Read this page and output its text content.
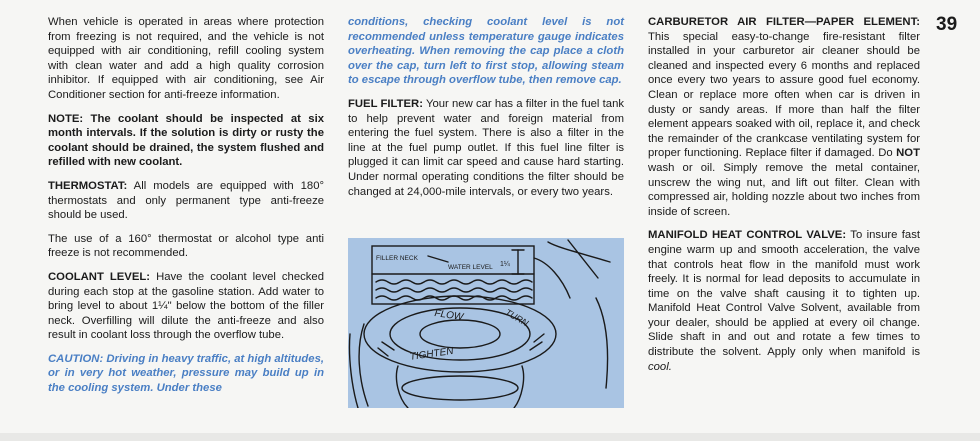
When vehicle is operated in areas where protection from freezing is not required, and the vehicle is not equipped with air conditioning, refill cooling system with clean water and add a high quality corrosion inhibitor. If equipped with air conditioning, see Air Conditioner section for anti-freeze information.

NOTE: The coolant should be inspected at six month intervals. If the solution is dirty or rusty the coolant should be drained, the system flushed and refilled with new coolant.

THERMOSTAT: All models are equipped with 180° thermostats and only permanent type anti-freeze should be used.

The use of a 160° thermostat or alcohol type anti freeze is not recommended.

COOLANT LEVEL: Have the coolant level checked during each stop at the gasoline station. Add water to bring level to about 1¼" below the bottom of the filler neck. Overfilling will dilute the anti-freeze and also result in coolant loss through the overflow tube.

CAUTION: Driving in heavy traffic, at high altitudes, or in very hot weather, pressure may build up in the cooling system. Under these

conditions, checking coolant level is not recommended unless temperature gauge indicates overheating. When removing the cap place a cloth over the cap, turn left to first stop, allowing steam to escape through overflow tube, then remove cap.

FUEL FILTER: Your new car has a filter in the fuel tank to help prevent water and foreign material from entering the fuel system. There is also a filter in the line at the fuel pump outlet. If this fuel line filter is plugged it can limit car speed and cause hard starting. Under normal operating conditions the filter should be changed at 24,000-mile intervals, or every two years.

FILLER NECK
WATER LEVEL 1¼
FLOW	TURN
TIGHTEN

CARBURETOR AIR FILTER—PAPER ELEMENT: This special easy-to-change fire-resistant filter installed in your carburetor air cleaner should be cleaned and inspected every 6 months and replaced once every two years to assure good fuel economy. Clean or replace more often when car is driven in dusty or sandy areas. If more than half the filter element appears soaked with oil, replace it, and check the remainder of the crankcase ventilating system for proper functioning. Replace filter if damaged. Do NOT wash or oil. Simply remove the metal container, unscrew the wing nut, and lift out filter. Clean with compressed air, holding nozzle about two inches from inside of screen.

MANIFOLD HEAT CONTROL VALVE: To insure fast engine warm up and smooth acceleration, the valve that controls heat flow in the manifold must work freely. It is normal for lead deposits to accumulate in time on the valve shaft causing it to tighten up. Manifold Heat Control Valve Solvent, available from your dealer, should be applied at every oil change. Slide shaft in and out and rotate a few times to distribute the solvent. Apply only when manifold is cool.

39
